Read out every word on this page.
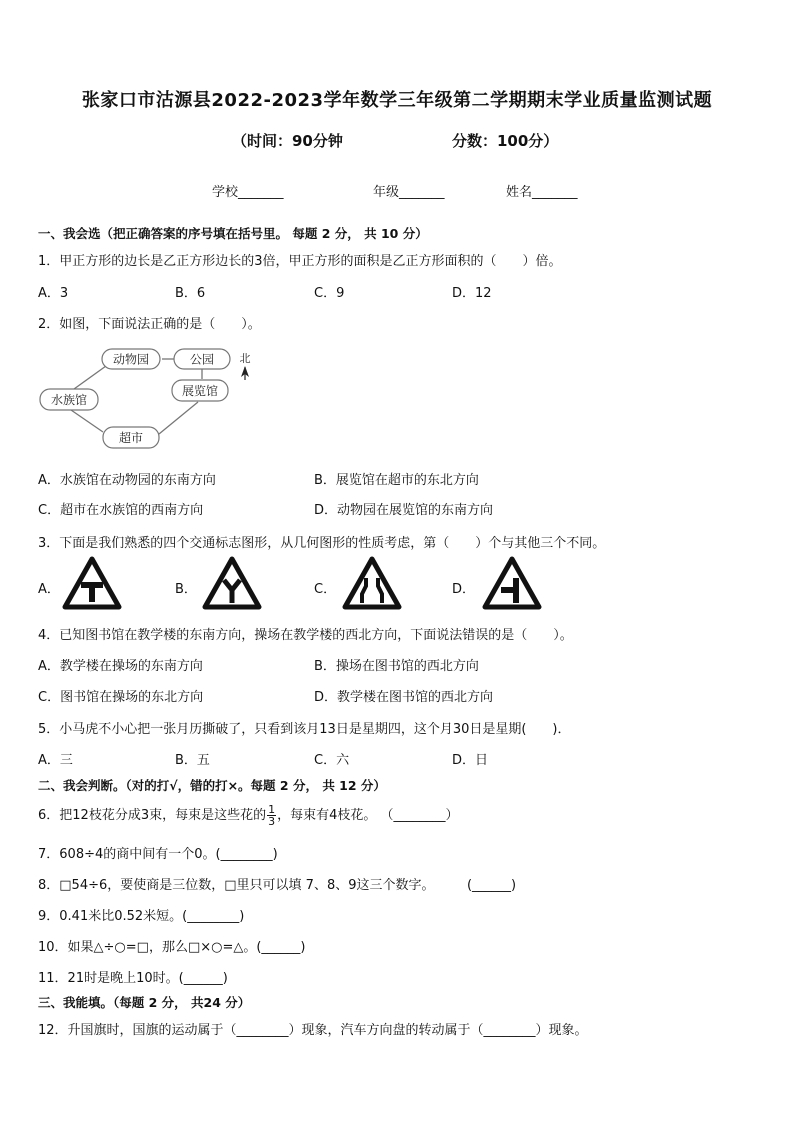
张家口市沽源县2022-2023学年数学三年级第二学期期末学业质量监测试题
（时间：90分钟	分数：100分）
学校_______	年级_______	姓名_______
一、我会选（把正确答案的序号填在括号里。 每题 2 分， 共 10 分）
1．甲正方形的边长是乙正方形边长的3倍，甲正方形的面积是乙正方形面积的（　　）倍。
A．3	B．6	C．9	D．12
2．如图，下面说法正确的是（　　）。
动物园	公园
水族馆
展览馆
超市
北
A．水族馆在动物园的东南方向	B．展览馆在超市的东北方向
C．超市在水族馆的西南方向	D．动物园在展览馆的东南方向
3．下面是我们熟悉的四个交通标志图形，从几何图形的性质考虑，第（　　）个与其他三个不同。
A．	B．	C．	D．
4．已知图书馆在教学楼的东南方向，操场在教学楼的西北方向，下面说法错误的是（　　）。
A．教学楼在操场的东南方向	B．操场在图书馆的西北方向
C．图书馆在操场的东北方向	D．教学楼在图书馆的西北方向
5．小马虎不小心把一张月历撕破了，只看到该月13日是星期四，这个月30日是星期(　　)．
A．三	B．五	C．六	D．日
二、我会判断。（对的打√，错的打×。每题 2 分， 共 12 分）
6．把12枝花分成3束，每束是这些花的 $\frac{1}{3}$ ，每束有4枝花。 （________）
7．608÷4的商中间有一个0。(________)
8．□54÷6，要使商是三位数，□里只可以填 7、8、9这三个数字。　　　(______)
9．0.41米比0.52米短。(________)
10．如果△÷○=□，那么□×○=△。(______)
11．21时是晚上10时。(______)
三、我能填。（每题 2 分， 共24 分）
12．升国旗时，国旗的运动属于（________）现象，汽车方向盘的转动属于（________）现象。
